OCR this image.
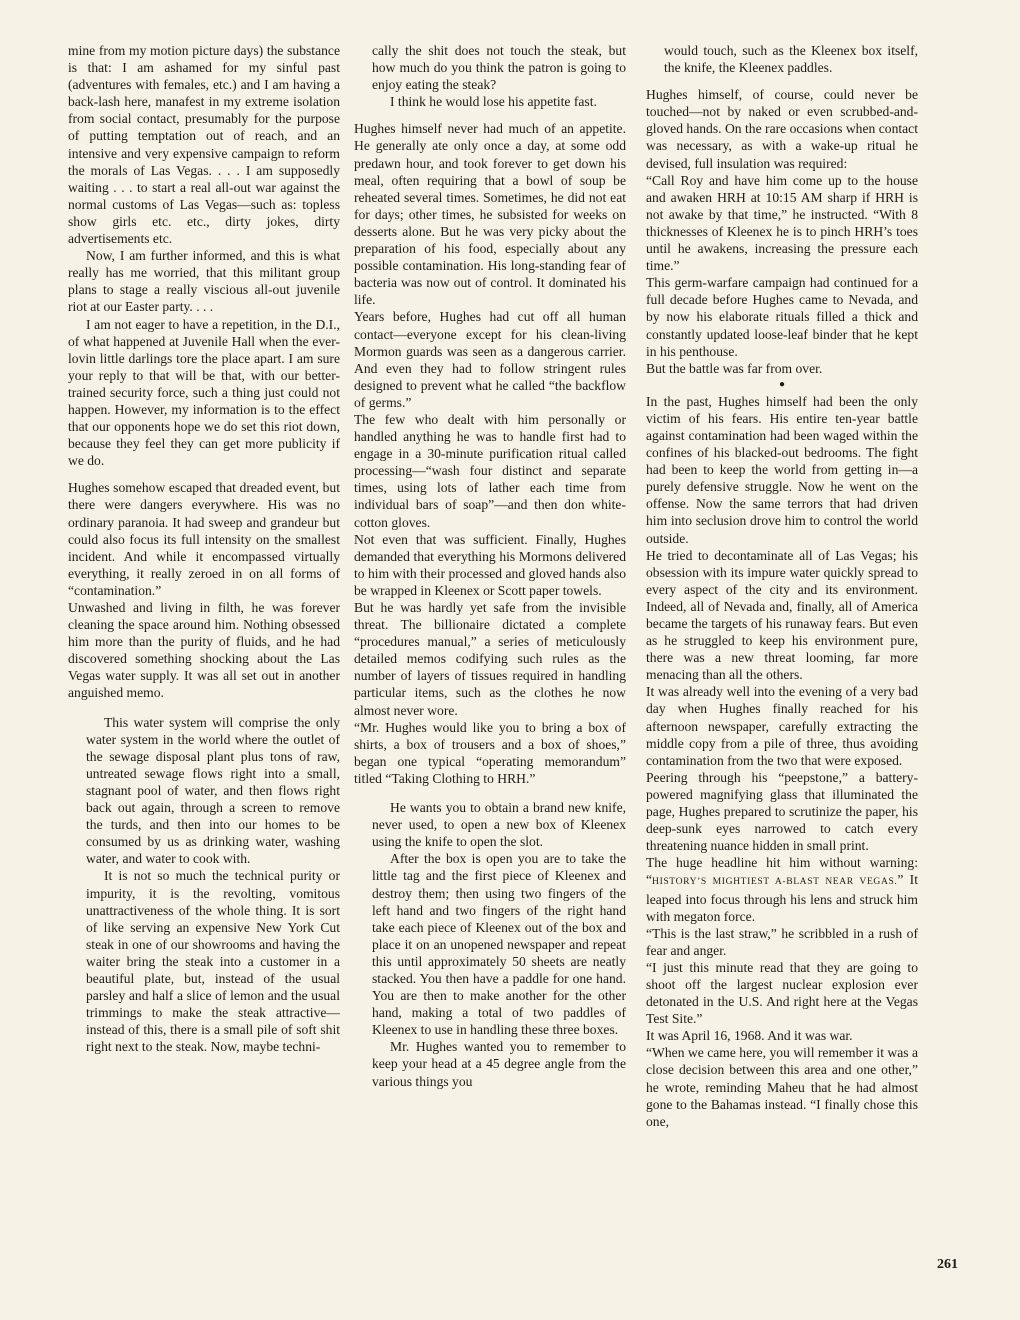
mine from my motion picture days) the substance is that: I am ashamed for my sinful past (adventures with females, etc.) and I am having a back-lash here, manafest in my extreme isolation from social contact, presumably for the purpose of putting temptation out of reach, and an intensive and very expensive campaign to reform the morals of Las Vegas. . . . I am supposedly waiting . . . to start a real all-out war against the normal customs of Las Vegas—such as: topless show girls etc. etc., dirty jokes, dirty advertisements etc.

Now, I am further informed, and this is what really has me worried, that this militant group plans to stage a really viscious all-out juvenile riot at our Easter party. . . .

I am not eager to have a repetition, in the D.I., of what happened at Juvenile Hall when the ever-lovin little darlings tore the place apart. I am sure your reply to that will be that, with our better-trained security force, such a thing just could not happen. However, my information is to the effect that our opponents hope we do set this riot down, because they feel they can get more publicity if we do.

Hughes somehow escaped that dreaded event, but there were dangers everywhere. His was no ordinary paranoia. It had sweep and grandeur but could also focus its full intensity on the smallest incident. And while it encompassed virtually everything, it really zeroed in on all forms of “contamination.”

Unwashed and living in filth, he was forever cleaning the space around him. Nothing obsessed him more than the purity of fluids, and he had discovered something shocking about the Las Vegas water supply. It was all set out in another anguished memo.

This water system will comprise the only water system in the world where the outlet of the sewage disposal plant plus tons of raw, untreated sewage flows right into a small, stagnant pool of water, and then flows right back out again, through a screen to remove the turds, and then into our homes to be consumed by us as drinking water, washing water, and water to cook with.

It is not so much the technical purity or impurity, it is the revolting, vomitous unattractiveness of the whole thing. It is sort of like serving an expensive New York Cut steak in one of our showrooms and having the waiter bring the steak into a customer in a beautiful plate, but, instead of the usual parsley and half a slice of lemon and the usual trimmings to make the steak attractive—instead of this, there is a small pile of soft shit right next to the steak. Now, maybe techni-

cally the shit does not touch the steak, but how much do you think the patron is going to enjoy eating the steak?

I think he would lose his appetite fast.

Hughes himself never had much of an appetite. He generally ate only once a day, at some odd predawn hour, and took forever to get down his meal, often requiring that a bowl of soup be reheated several times. Sometimes, he did not eat for days; other times, he subsisted for weeks on desserts alone. But he was very picky about the preparation of his food, especially about any possible contamination. His long-standing fear of bacteria was now out of control. It dominated his life.

Years before, Hughes had cut off all human contact—everyone except for his clean-living Mormon guards was seen as a dangerous carrier. And even they had to follow stringent rules designed to prevent what he called “the backflow of germs.”

The few who dealt with him personally or handled anything he was to handle first had to engage in a 30-minute purification ritual called processing—“wash four distinct and separate times, using lots of lather each time from individual bars of soap”—and then don white-cotton gloves.

Not even that was sufficient. Finally, Hughes demanded that everything his Mormons delivered to him with their processed and gloved hands also be wrapped in Kleenex or Scott paper towels.

But he was hardly yet safe from the invisible threat. The billionaire dictated a complete “procedures manual,” a series of meticulously detailed memos codifying such rules as the number of layers of tissues required in handling particular items, such as the clothes he now almost never wore.

“Mr. Hughes would like you to bring a box of shirts, a box of trousers and a box of shoes,” began one typical “operating memorandum” titled “Taking Clothing to HRH.”

He wants you to obtain a brand new knife, never used, to open a new box of Kleenex using the knife to open the slot.

After the box is open you are to take the little tag and the first piece of Kleenex and destroy them; then using two fingers of the left hand and two fingers of the right hand take each piece of Kleenex out of the box and place it on an unopened newspaper and repeat this until approximately 50 sheets are neatly stacked. You then have a paddle for one hand. You are then to make another for the other hand, making a total of two paddles of Kleenex to use in handling these three boxes.

Mr. Hughes wanted you to remember to keep your head at a 45 degree angle from the various things you

would touch, such as the Kleenex box itself, the knife, the Kleenex paddles.

Hughes himself, of course, could never be touched—not by naked or even scrubbed-and-gloved hands. On the rare occasions when contact was necessary, as with a wake-up ritual he devised, full insulation was required:

“Call Roy and have him come up to the house and awaken HRH at 10:15 AM sharp if HRH is not awake by that time,” he instructed. “With 8 thicknesses of Kleenex he is to pinch HRH’s toes until he awakens, increasing the pressure each time.”

This germ-warfare campaign had continued for a full decade before Hughes came to Nevada, and by now his elaborate rituals filled a thick and constantly updated loose-leaf binder that he kept in his penthouse.

But the battle was far from over.

●

In the past, Hughes himself had been the only victim of his fears. His entire ten-year battle against contamination had been waged within the confines of his blacked-out bedrooms. The fight had been to keep the world from getting in—a purely defensive struggle. Now he went on the offense. Now the same terrors that had driven him into seclusion drove him to control the world outside.

He tried to decontaminate all of Las Vegas; his obsession with its impure water quickly spread to every aspect of the city and its environment. Indeed, all of Nevada and, finally, all of America became the targets of his runaway fears. But even as he struggled to keep his environment pure, there was a new threat looming, far more menacing than all the others.

It was already well into the evening of a very bad day when Hughes finally reached for his afternoon newspaper, carefully extracting the middle copy from a pile of three, thus avoiding contamination from the two that were exposed.

Peering through his “peepstone,” a battery-powered magnifying glass that illuminated the page, Hughes prepared to scrutinize the paper, his deep-sunk eyes narrowed to catch every threatening nuance hidden in small print.

The huge headline hit him without warning: “HISTORY’S MIGHTIEST A-BLAST NEAR VEGAS.” It leaped into focus through his lens and struck him with megaton force.

“This is the last straw,” he scribbled in a rush of fear and anger.

“I just this minute read that they are going to shoot off the largest nuclear explosion ever detonated in the U.S. And right here at the Vegas Test Site.”

It was April 16, 1968. And it was war.

“When we came here, you will remember it was a close decision between this area and one other,” he wrote, reminding Maheu that he had almost gone to the Bahamas instead. “I finally chose this one,

261
